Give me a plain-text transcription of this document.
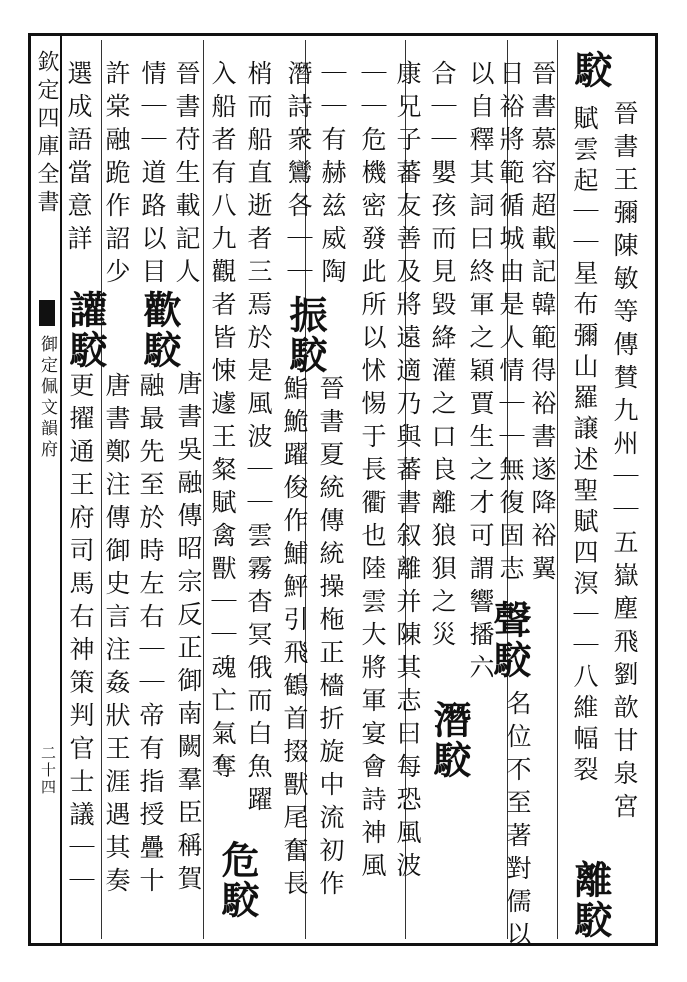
欽定四庫全書
御定佩文韻府
二十四
駮
晉書王彌陳敏等傳賛九州｜｜五嶽塵飛劉歆甘泉宮
賦雲起｜｜星布彌山羅譲述聖賦四溟｜｜八維幅裂
離駮
晉書慕容超載記韓範得裕書遂降裕翼
日裕將範循城由是人情｜｜無復固志
聲駮
以自釋其詞曰終軍之穎賈生之才可謂響播六
名位不至著對儒以
合｜｜嬰孩而見毀絳灌之口良離狼狽之災
潛駮
康兄子蕃友善及將遠適乃與蕃書叙離并陳其志曰每恐風波
｜｜危機密發此所以怵惕于長衢也陸雲大將軍宴會詩神風
｜｜有赫兹威陶
潛詩衆鸞各｜｜
振駮
晉書夏統傳統操柂正檣折旋中流初作
鮨鮠躍俊作鯆鮃引飛鶴首掇獸尾奮長
梢而船直逝者三焉於是風波｜｜雲霧杳冥俄而白魚躍
危駮
入船者有八九觀者皆悚遽王粲賦禽獸｜｜魂亡氣奪
晉書苻生載記人
歡駮
唐書吳融傳昭宗反正御南闕羣臣稱賀
情｜｜道路以目
融最先至於時左右｜｜帝有指授疊十
許棠融跪作詔少
讙駮
唐書鄭注傳御史言注姦狀王涯遇其奏
選成語當意詳
更擢通王府司馬右神策判官士議｜｜
